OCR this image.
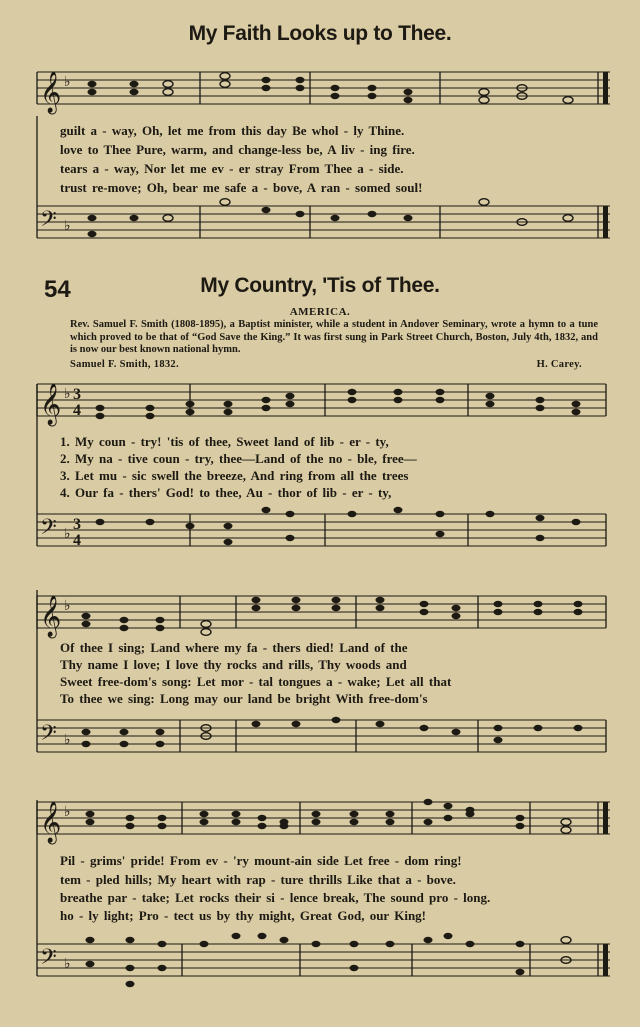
My Faith Looks up to Thee.
𝄞 ♭
guilt a - way, Oh, let me from this day Be whol - ly Thine.
love to Thee Pure, warm, and change-less be, A liv - ing fire.
tears a - way, Nor let me ev - er stray From Thee a - side.
trust re-move; Oh, bear me safe a - bove, A ran - somed soul!
𝄢 ♭
54	My Country, 'Tis of Thee.
AMERICA.
Rev. Samuel F. Smith (1808-1895), a Baptist minister, while a student in Andover Seminary, wrote a hymn to a tune which proved to be that of “God Save the King.” It was first sung in Park Street Church, Boston, July 4th, 1832, and is now our best known national hymn.
Samuel F. Smith, 1832.	H. Carey.
𝄞 ♭ 3
4
1. My coun - try! 'tis of thee, Sweet land of lib - er - ty,
2. My na - tive coun - try, thee—Land of the no - ble, free—
3. Let mu - sic swell the breeze, And ring from all the trees
4. Our fa - thers' God! to thee, Au - thor of lib - er - ty,
𝄢 ♭
3
4
𝄞 ♭
Of thee I sing; Land where my fa - thers died! Land of the
Thy name I love; I love thy rocks and rills, Thy woods and
Sweet free-dom's song: Let mor - tal tongues a - wake; Let all that
To thee we sing: Long may our land be bright With free-dom's
𝄢 ♭
𝄞 ♭
Pil - grims' pride! From ev - 'ry mount-ain side Let free - dom ring!
tem - pled hills; My heart with rap - ture thrills Like that a - bove.
breathe par - take; Let rocks their si - lence break, The sound pro - long.
ho - ly light; Pro - tect us by thy might, Great God, our King!
𝄢 ♭
